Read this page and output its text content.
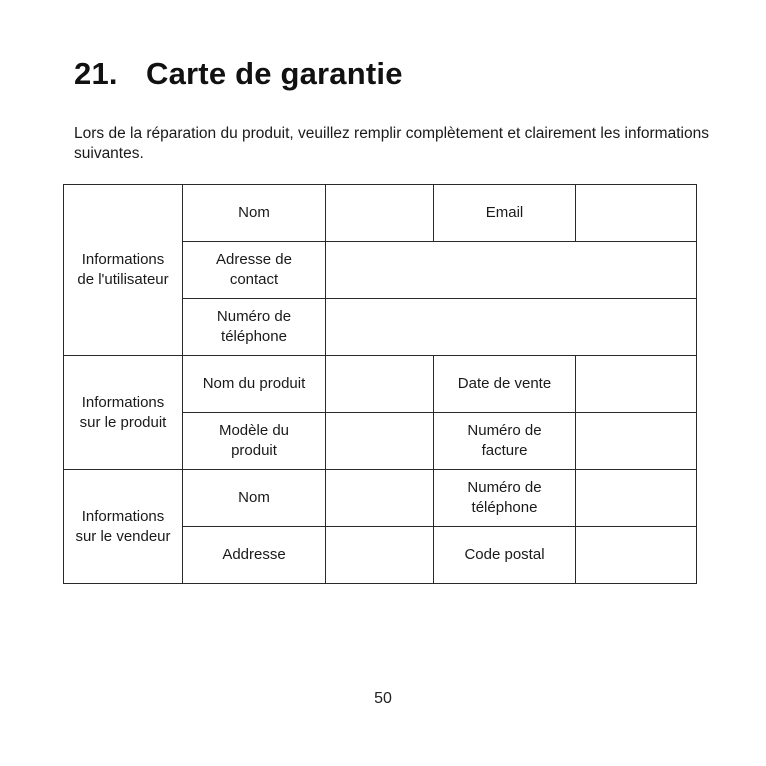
21. Carte de garantie
Lors de la réparation du produit, veuillez remplir complètement et clairement les informations suivantes.
Informations de l'utilisateur	Nom		Email	

	Adresse de contact			

	Numéro de téléphone			

Informations sur le produit	Nom du produit		Date de vente	

	Modèle du produit		Numéro de facture	

Informations sur le vendeur	Nom		Numéro de téléphone	

	Addresse		Code postal	
50
